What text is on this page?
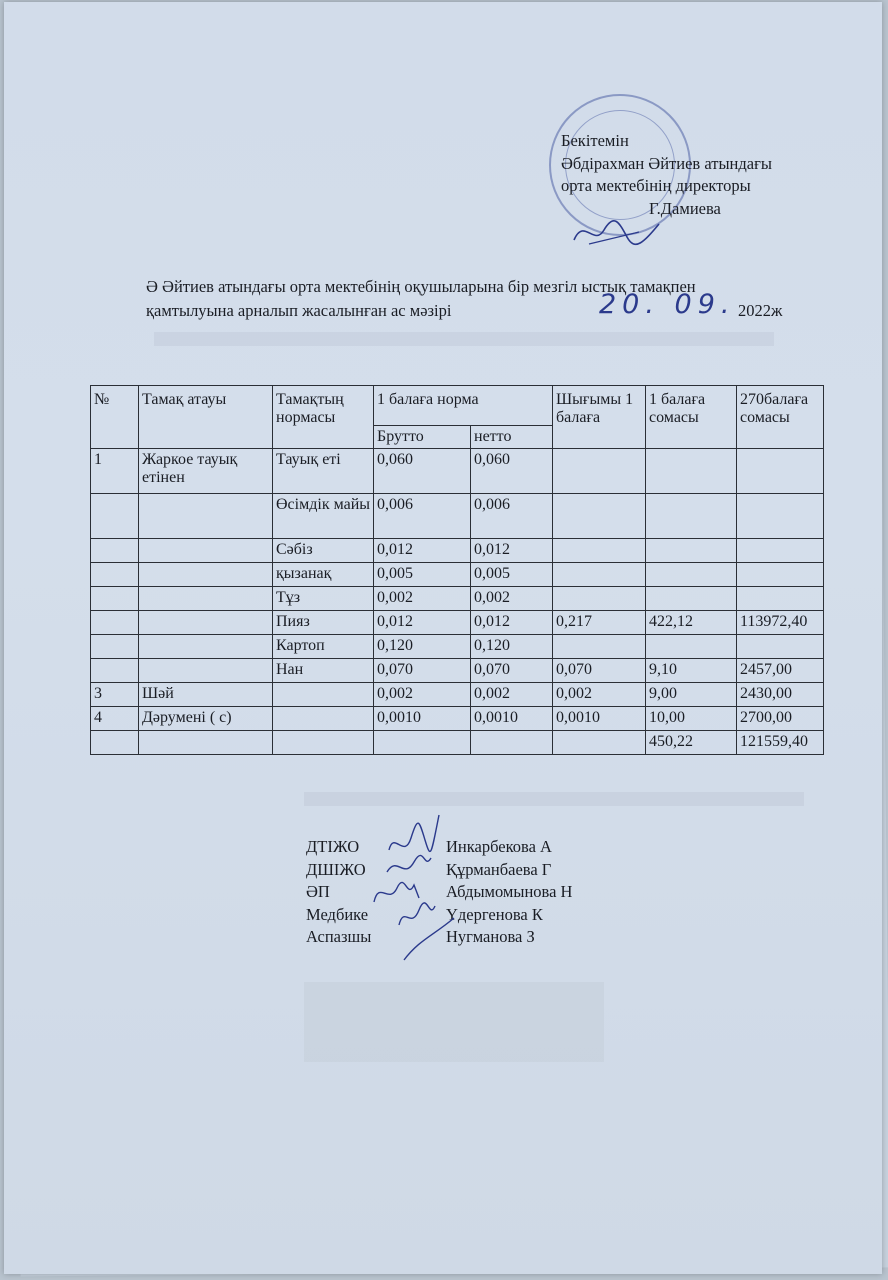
Бекітемін
Әбдірахман Әйтиев атындағы
орта мектебінің директоры
Г.Дамиева
Ә Әйтиев атындағы орта мектебінің оқушыларына бір мезгіл ыстық тамақпен
қамтылуына арналып жасалынған ас мәзірі	20. 09. 2022ж
№	Тамақ атауы	Тамақтың нормасы	1 балаға норма		Шығымы 1 балаға	1 балаға сомасы	270балаға сомасы
			Брутто	нетто			
1	Жаркое тауық етінен	Тауық еті	0,060	0,060			
		Өсімдік майы	0,006	0,006			
		Сәбіз	0,012	0,012			
		қызанақ	0,005	0,005			
		Тұз	0,002	0,002			
		Пияз	0,012	0,012	0,217	422,12	113972,40
		Картоп	0,120	0,120			
		Нан	0,070	0,070	0,070	9,10	2457,00
3	Шәй		0,002	0,002	0,002	9,00	2430,00
4	Дәрумені ( с)		0,0010	0,0010	0,0010	10,00	2700,00
						450,22	121559,40
ДТІЖО	Инкарбекова А
ДШІЖО	Құрманбаева Г
ӘП	Абдымомынова Н
Медбике	Үдергенова К
Аспазшы	Нугманова З
